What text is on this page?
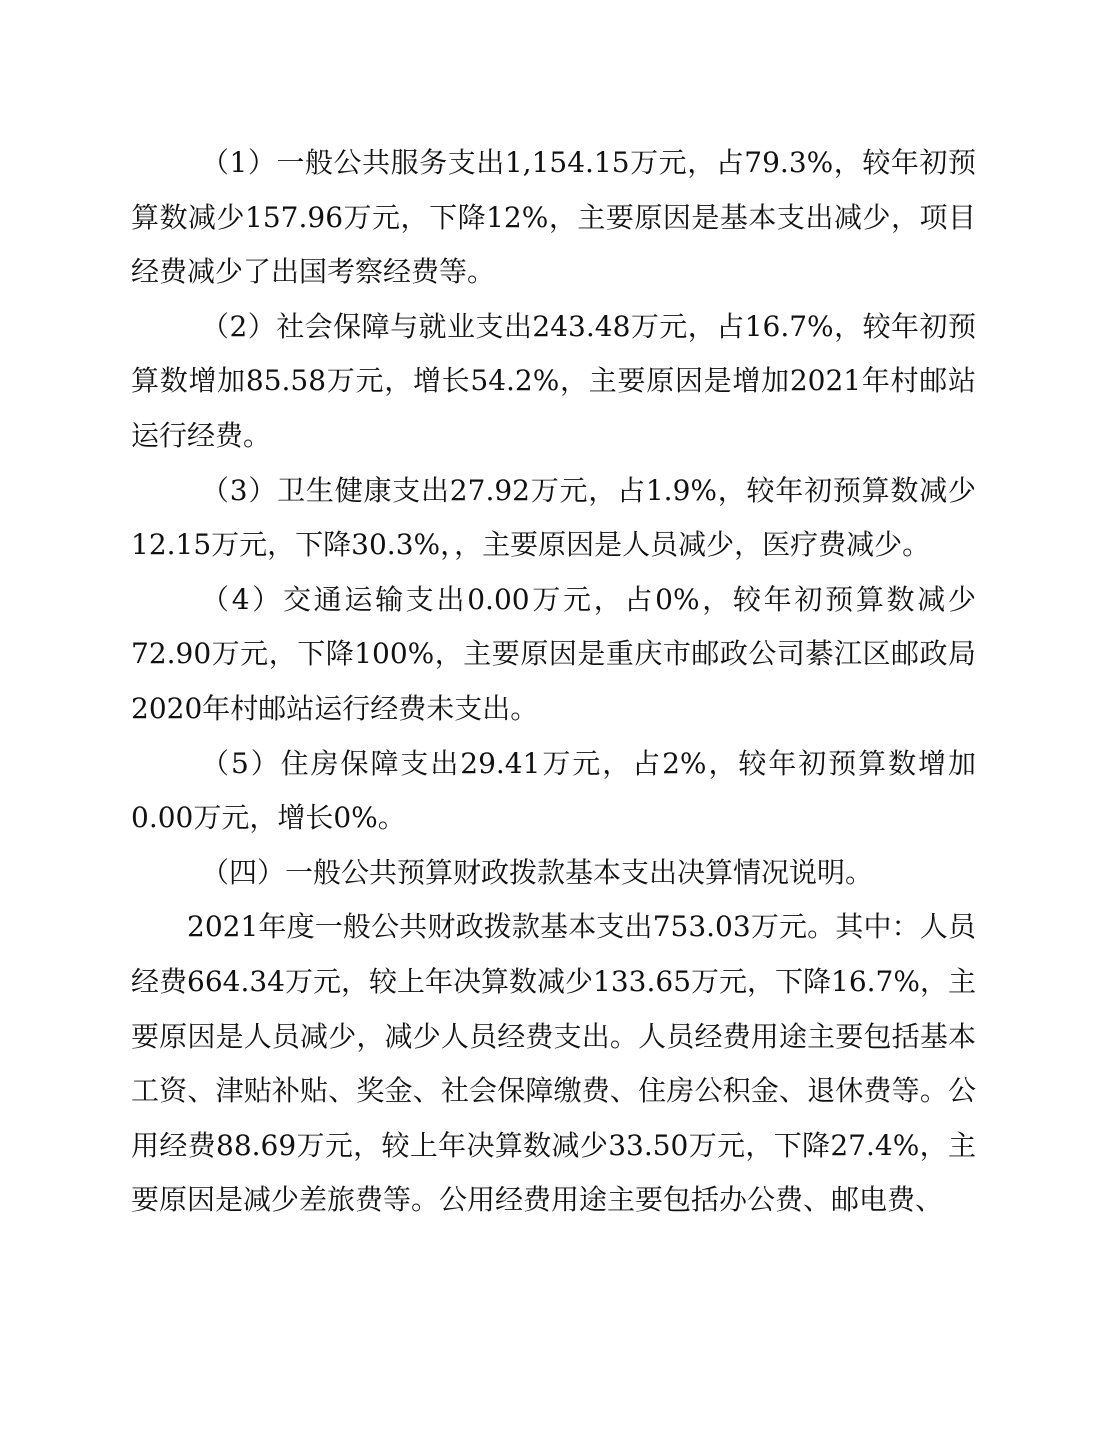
（1）一般公共服务支出1,154.15万元，占79.3%，较年初预算数减少157.96万元，下降12%，主要原因是基本支出减少，项目经费减少了出国考察经费等。

（2）社会保障与就业支出243.48万元，占16.7%，较年初预算数增加85.58万元，增长54.2%，主要原因是增加2021年村邮站运行经费。

（3）卫生健康支出27.92万元，占1.9%，较年初预算数减少12.15万元，下降30.3%，，主要原因是人员减少，医疗费减少。

（4）交通运输支出0.00万元，占0%，较年初预算数减少72.90万元，下降100%，主要原因是重庆市邮政公司綦江区邮政局2020年村邮站运行经费未支出。

（5）住房保障支出29.41万元，占2%，较年初预算数增加0.00万元，增长0%。

（四）一般公共预算财政拨款基本支出决算情况说明。

2021年度一般公共财政拨款基本支出753.03万元。其中：人员经费664.34万元，较上年决算数减少133.65万元，下降16.7%，主要原因是人员减少，减少人员经费支出。人员经费用途主要包括基本工资、津贴补贴、奖金、社会保障缴费、住房公积金、退休费等。公用经费88.69万元，较上年决算数减少33.50万元，下降27.4%，主要原因是减少差旅费等。公用经费用途主要包括办公费、邮电费、
